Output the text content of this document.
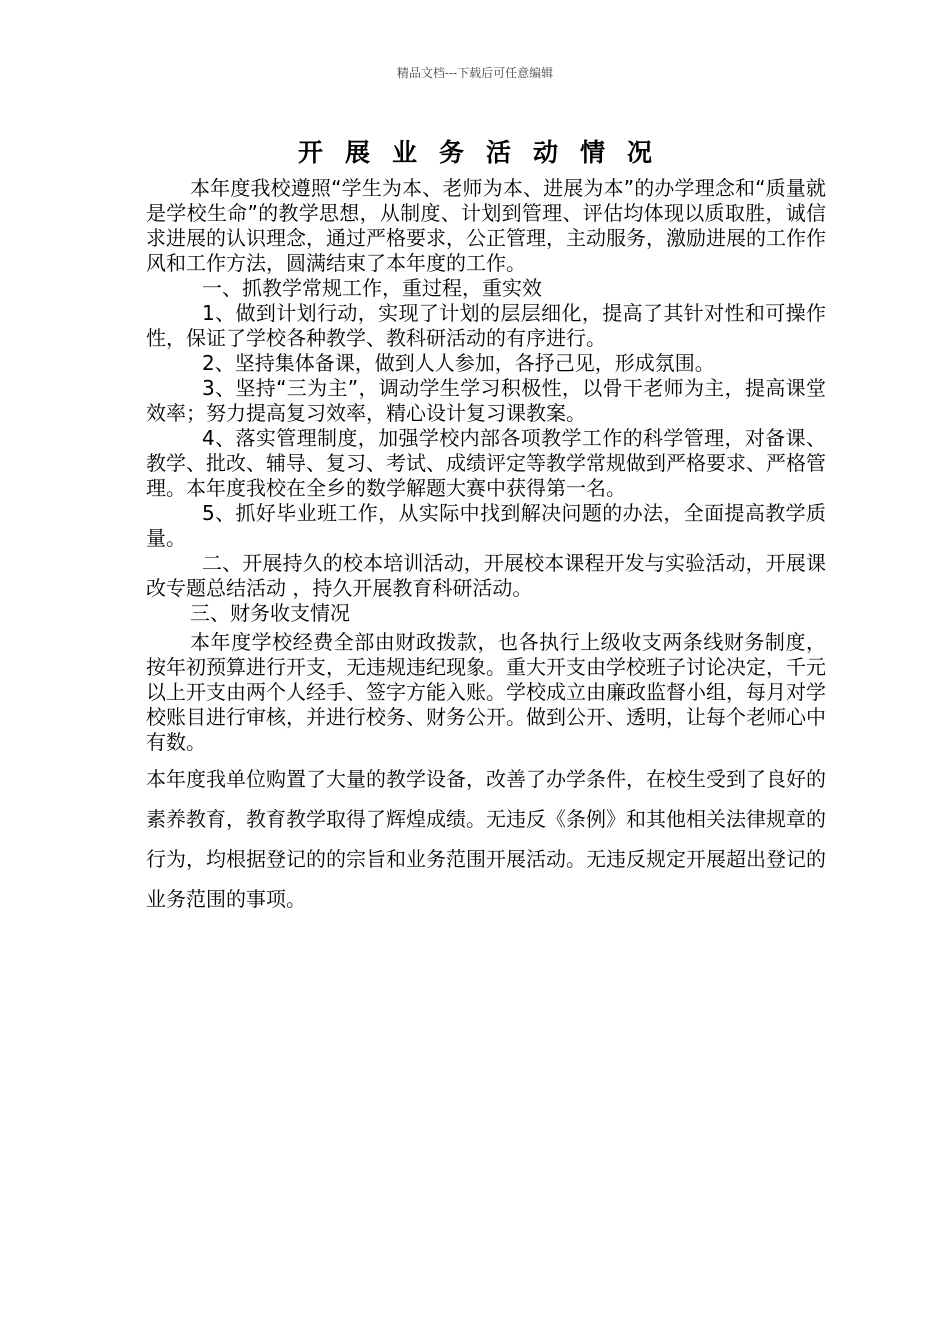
精品文档---下载后可任意编辑
开展业务活动情况

本年度我校遵照“学生为本、老师为本、进展为本”的办学理念和“质量就是学校生命”的教学思想，从制度、计划到管理、评估均体现以质取胜，诚信求进展的认识理念，通过严格要求，公正管理，主动服务，激励进展的工作作风和工作方法，圆满结束了本年度的工作。

一、抓教学常规工作，重过程，重实效

1、做到计划行动，实现了计划的层层细化，提高了其针对性和可操作性，保证了学校各种教学、教科研活动的有序进行。

2、坚持集体备课，做到人人参加，各抒己见，形成氛围。

3、坚持“三为主”，调动学生学习积极性，以骨干老师为主，提高课堂效率；努力提高复习效率，精心设计复习课教案。

4、落实管理制度，加强学校内部各项教学工作的科学管理，对备课、教学、批改、辅导、复习、考试、成绩评定等教学常规做到严格要求、严格管理。本年度我校在全乡的数学解题大赛中获得第一名。

5、抓好毕业班工作，从实际中找到解决问题的办法，全面提高教学质量。

二、开展持久的校本培训活动，开展校本课程开发与实验活动，开展课改专题总结活动 ，持久开展教育科研活动。

三、财务收支情况

本年度学校经费全部由财政拨款，也各执行上级收支两条线财务制度，按年初预算进行开支，无违规违纪现象。重大开支由学校班子讨论决定，千元以上开支由两个人经手、签字方能入账。学校成立由廉政监督小组，每月对学校账目进行审核，并进行校务、财务公开。做到公开、透明，让每个老师心中有数。

本年度我单位购置了大量的教学设备，改善了办学条件，在校生受到了良好的素养教育，教育教学取得了辉煌成绩。无违反《条例》和其他相关法律规章的行为，均根据登记的的宗旨和业务范围开展活动。无违反规定开展超出登记的业务范围的事项。
